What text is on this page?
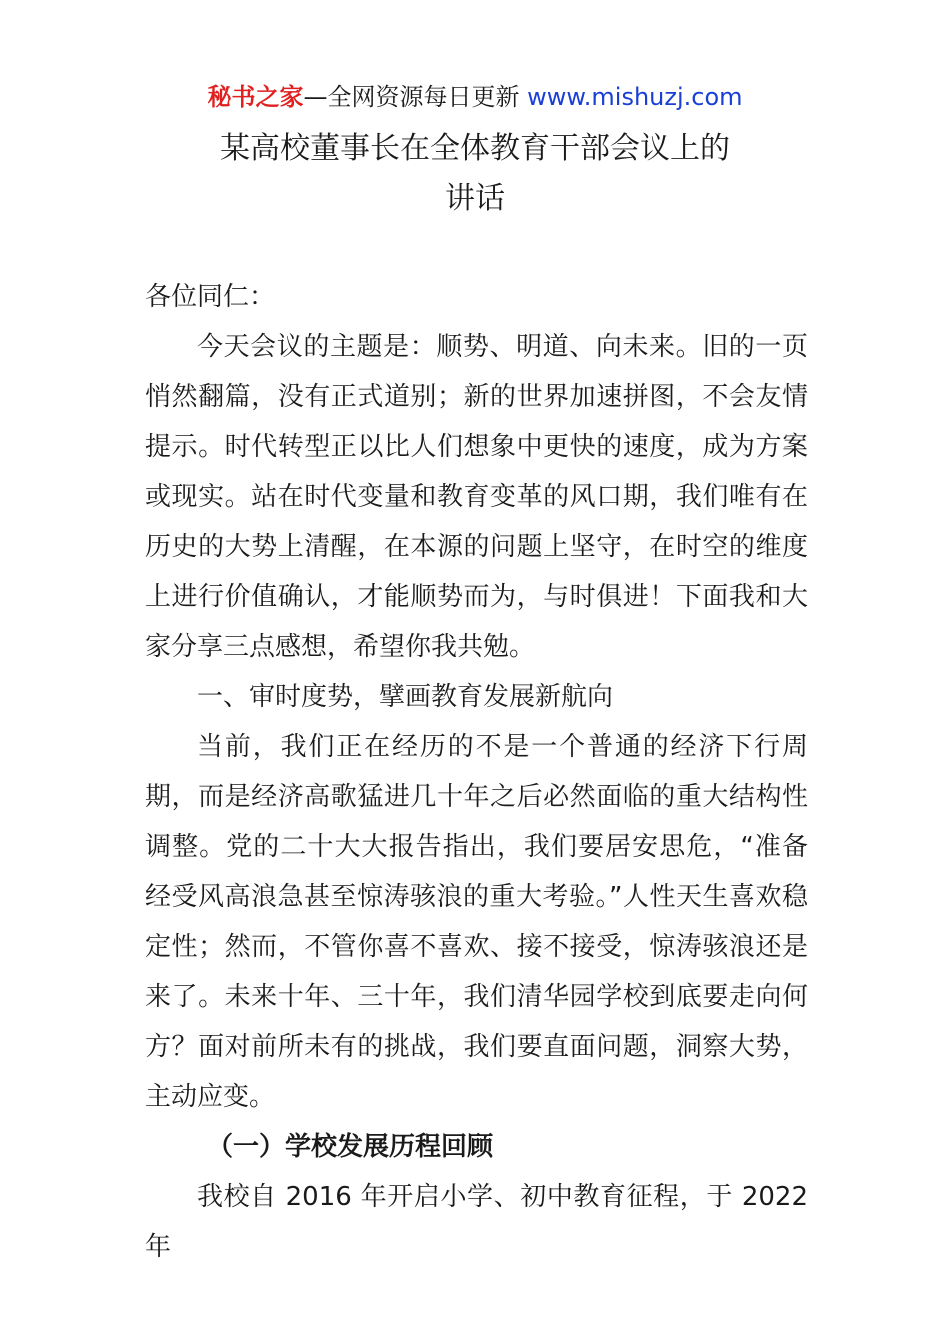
秘书之家—全网资源每日更新 www.mishuzj.com
某高校董事长在全体教育干部会议上的
讲话

各位同仁：

今天会议的主题是：顺势、明道、向未来。旧的一页悄然翻篇，没有正式道别；新的世界加速拼图，不会友情提示。时代转型正以比人们想象中更快的速度，成为方案或现实。站在时代变量和教育变革的风口期，我们唯有在历史的大势上清醒，在本源的问题上坚守，在时空的维度上进行价值确认，才能顺势而为，与时俱进！下面我和大家分享三点感想，希望你我共勉。

一、审时度势，擘画教育发展新航向

当前，我们正在经历的不是一个普通的经济下行周期，而是经济高歌猛进几十年之后必然面临的重大结构性调整。党的二十大大报告指出，我们要居安思危，“准备经受风高浪急甚至惊涛骇浪的重大考验。”人性天生喜欢稳定性；然而，不管你喜不喜欢、接不接受，惊涛骇浪还是来了。未来十年、三十年，我们清华园学校到底要走向何方？面对前所未有的挑战，我们要直面问题，洞察大势，主动应变。

（一）学校发展历程回顾

我校自 2016 年开启小学、初中教育征程，于 2022 年
